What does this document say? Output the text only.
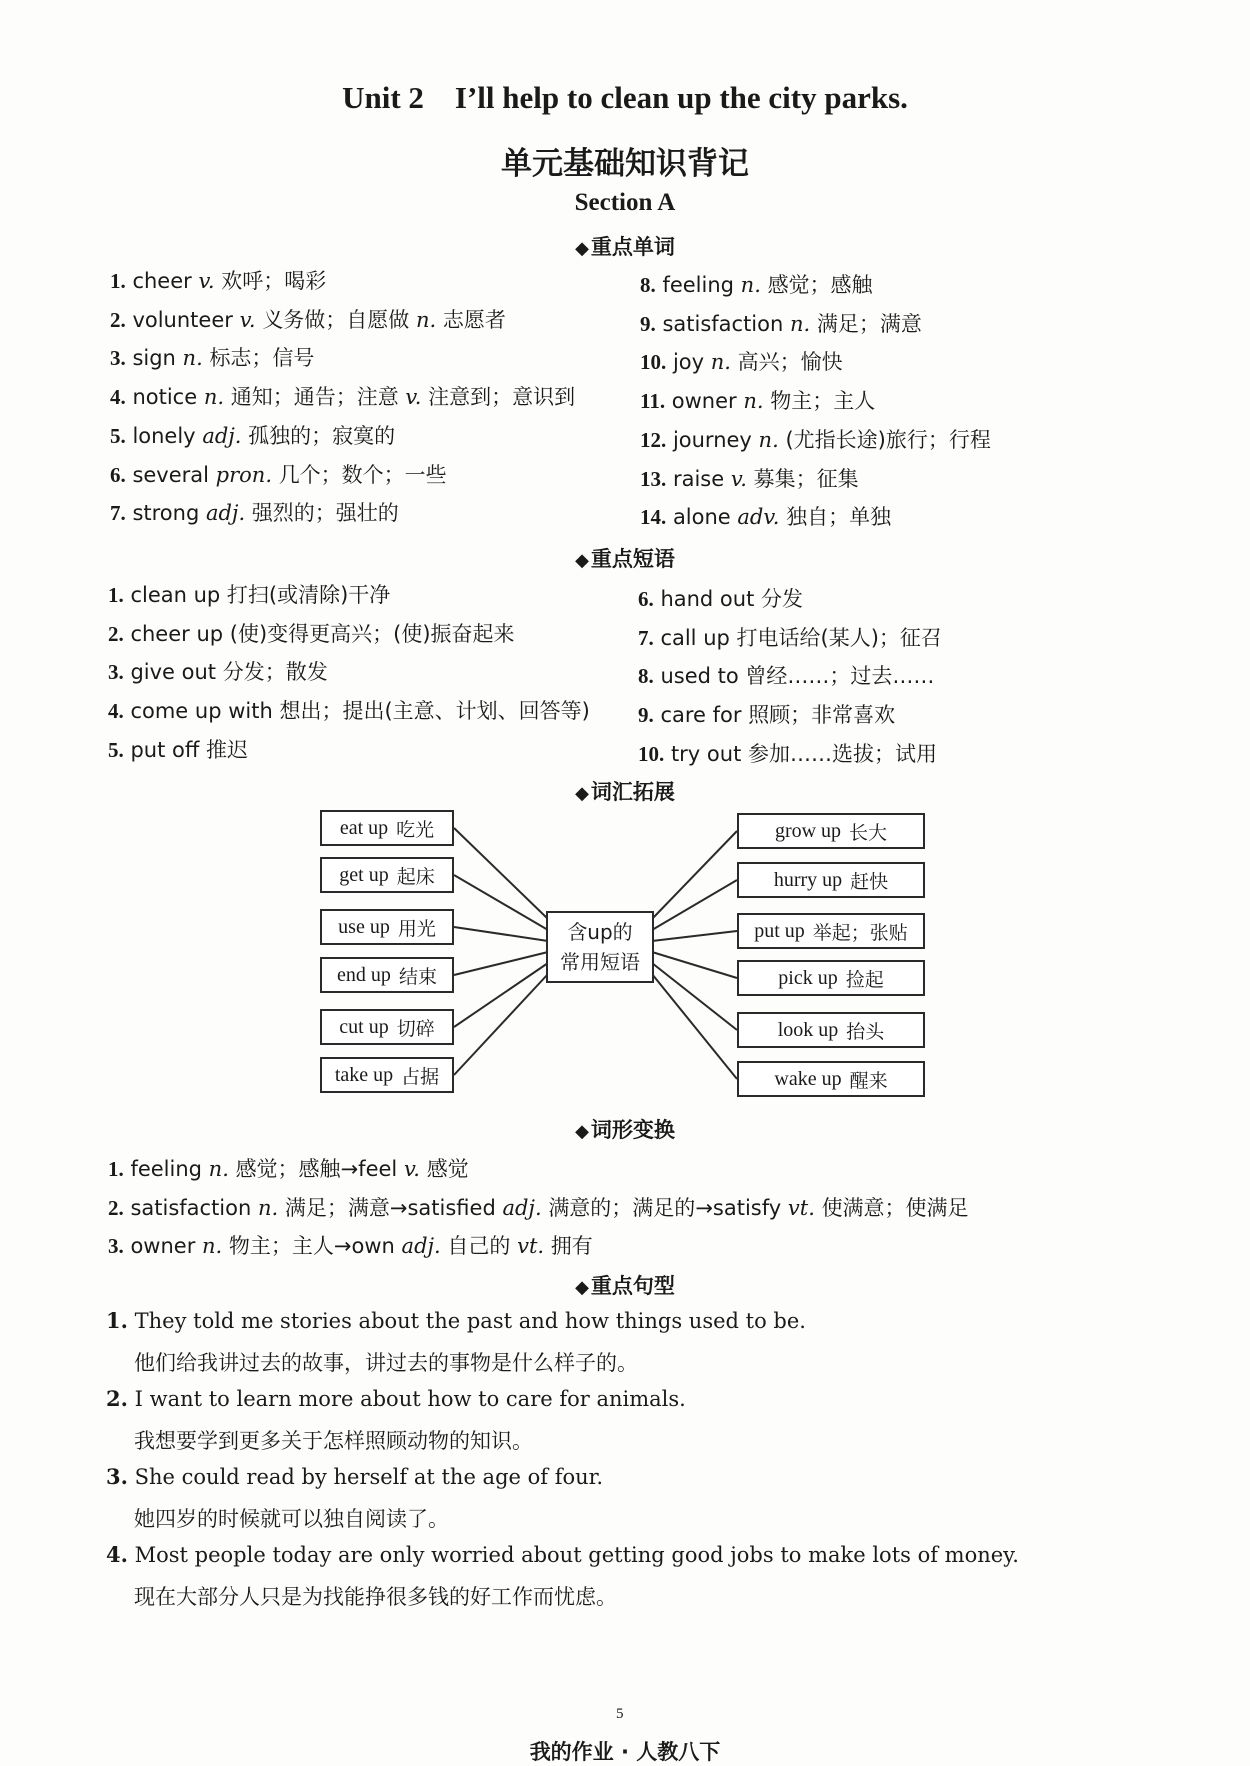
Unit 2　I’ll help to clean up the city parks.
单元基础知识背记
Section A
◆重点单词
1. cheer v. 欢呼；喝彩
2. volunteer v. 义务做；自愿做 n. 志愿者
3. sign n. 标志；信号
4. notice n. 通知；通告；注意 v. 注意到；意识到
5. lonely adj. 孤独的；寂寞的
6. several pron. 几个；数个；一些
7. strong adj. 强烈的；强壮的
8. feeling n. 感觉；感触
9. satisfaction n. 满足；满意
10. joy n. 高兴；愉快
11. owner n. 物主；主人
12. journey n. (尤指长途)旅行；行程
13. raise v. 募集；征集
14. alone adv. 独自；单独
◆重点短语
1. clean up 打扫(或清除)干净
2. cheer up (使)变得更高兴；(使)振奋起来
3. give out 分发；散发
4. come up with 想出；提出(主意、计划、回答等)
5. put off 推迟
6. hand out 分发
7. call up 打电话给(某人)；征召
8. used to 曾经……；过去……
9. care for 照顾；非常喜欢
10. try out 参加……选拔；试用
◆词汇拓展
eat up 吃光
get up 起床
use up 用光
end up 结束
cut up 切碎
take up 占据
grow up 长大
hurry up 赶快
put up 举起；张贴
pick up 捡起
look up 抬头
wake up 醒来
含up的
常用短语
◆词形变换
1. feeling n. 感觉；感触→feel v. 感觉
2. satisfaction n. 满足；满意→satisfied adj. 满意的；满足的→satisfy vt. 使满意；使满足
3. owner n. 物主；主人→own adj. 自己的 vt. 拥有
◆重点句型
1. They told me stories about the past and how things used to be.
他们给我讲过去的故事，讲过去的事物是什么样子的。
2. I want to learn more about how to care for animals.
我想要学到更多关于怎样照顾动物的知识。
3. She could read by herself at the age of four.
她四岁的时候就可以独自阅读了。
4. Most people today are only worried about getting good jobs to make lots of money.
现在大部分人只是为找能挣很多钱的好工作而忧虑。
5
我的作业 · 人教八下
